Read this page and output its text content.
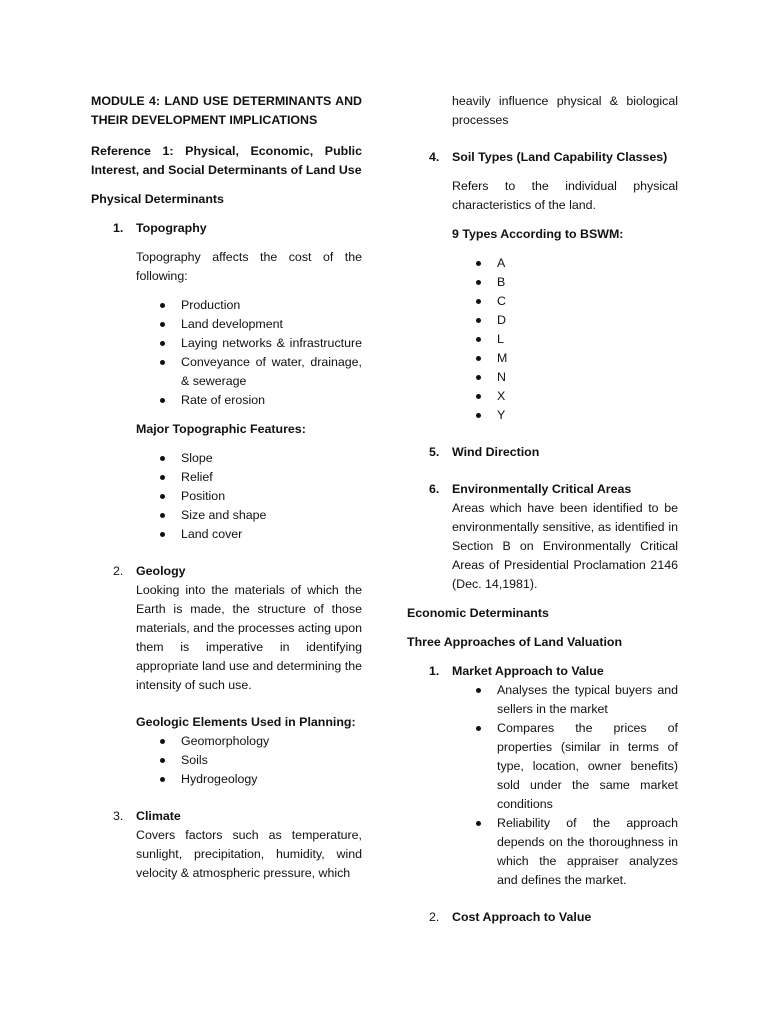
MODULE 4: LAND USE DETERMINANTS AND THEIR DEVELOPMENT IMPLICATIONS

Reference 1: Physical, Economic, Public Interest, and Social Determinants of Land Use

Physical Determinants

1. Topography

Topography affects the cost of the following:

Production
Land development
Laying networks & infrastructure
Conveyance of water, drainage, & sewerage
Rate of erosion
Major Topographic Features:
Slope
Relief
Position
Size and shape
Land cover
2. Geology

Looking into the materials of which the Earth is made, the structure of those materials, and the processes acting upon them is imperative in identifying appropriate land use and determining the intensity of such use.

Geologic Elements Used in Planning:
Geomorphology
Soils
Hydrogeology
3. Climate

Covers factors such as temperature, sunlight, precipitation, humidity, wind velocity & atmospheric pressure, which

heavily influence physical & biological processes

4. Soil Types (Land Capability Classes)

Refers to the individual physical characteristics of the land.

9 Types According to BSWM:
A
B
C
D
L
M
N
X
Y
5. Wind Direction
6. Environmentally Critical Areas

Areas which have been identified to be environmentally sensitive, as identified in Section B on Environmentally Critical Areas of Presidential Proclamation 2146 (Dec. 14,1981).

Economic Determinants

Three Approaches of Land Valuation

1. Market Approach to Value
Analyses the typical buyers and sellers in the market
Compares the prices of properties (similar in terms of type, location, owner benefits) sold under the same market conditions
Reliability of the approach depends on the thoroughness in which the appraiser analyzes and defines the market.
2. Cost Approach to Value
